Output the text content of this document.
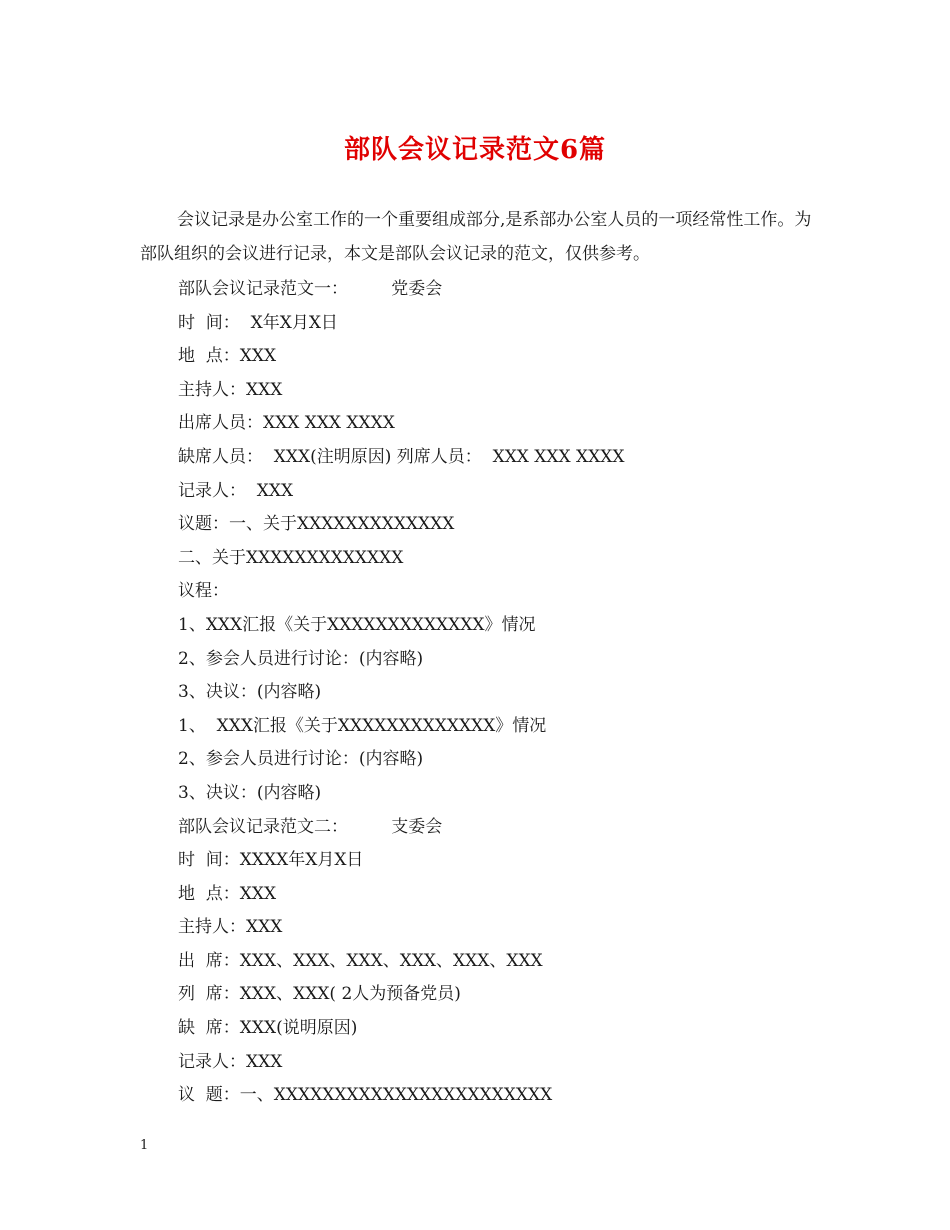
部队会议记录范文6篇

会议记录是办公室工作的一个重要组成部分,是系部办公室人员的一项经常性工作。为部队组织的会议进行记录，本文是部队会议记录的范文，仅供参考。

部队会议记录范文一：        党委会
时  间：  X年X月X日
地  点：XXX
主持人：XXX
出席人员：XXX XXX XXXX
缺席人员：  XXX(注明原因) 列席人员：  XXX XXX XXXX
记录人：  XXX
议题：一、关于XXXXXXXXXXXXX
二、关于XXXXXXXXXXXXX
议程：
1、XXX汇报《关于XXXXXXXXXXXXX》情况
2、参会人员进行讨论：(内容略)
3、决议：(内容略)
1、  XXX汇报《关于XXXXXXXXXXXXX》情况
2、参会人员进行讨论：(内容略)
3、决议：(内容略)
部队会议记录范文二：        支委会
时  间：XXXX年X月X日
地  点：XXX
主持人：XXX
出  席：XXX、XXX、XXX、XXX、XXX、XXX
列  席：XXX、XXX( 2人为预备党员)
缺  席：XXX(说明原因)
记录人：XXX
议  题：一、XXXXXXXXXXXXXXXXXXXXXXX
1
